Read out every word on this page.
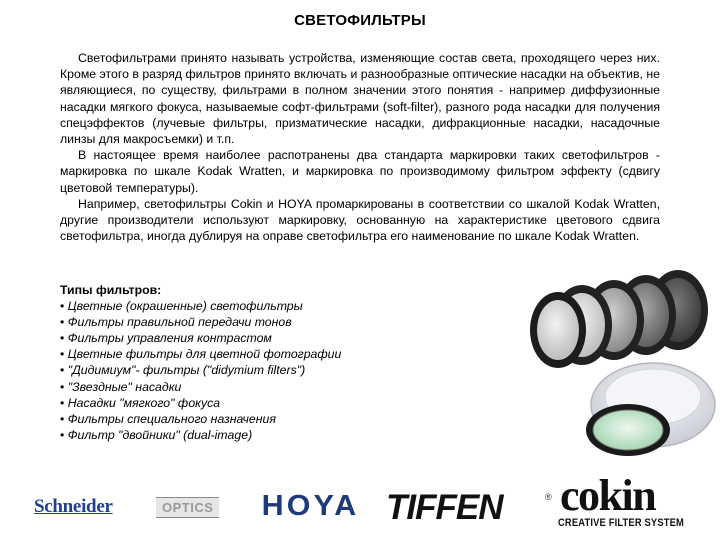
СВЕТОФИЛЬТРЫ

Светофильтрами принято называть устройства, изменяющие состав света, проходящего через них. Кроме этого в разряд фильтров принято включать и разнообразные оптические насадки на объектив, не являющиеся, по существу, фильтрами в полном значении этого понятия - например диффузионные насадки мягкого фокуса, называемые софт-фильтрами (soft-filter), разного рода насадки для получения спецэффектов (лучевые фильтры, призматические насадки, дифракционные насадки, насадочные линзы для макросъемки) и т.п.

В настоящее время наиболее распотранены два стандарта маркировки таких светофильтров - маркировка по шкале Kodak Wratten, и маркировка по производимому фильтром эффекту (сдвигу цветовой температуры).

Например, светофильтры Cokin и HOYA промаркированы в соответствии со шкалой Kodak Wratten, другие производители используют маркировку, основанную на характеристике цветового сдвига светофильтра, иногда дублируя на оправе светофильтра его наименование по шкале Kodak Wratten.

Типы фильтров:
• Цветные (окрашенные) светофильтры
• Фильтры правильной передачи тонов
• Фильтры управления контрастом
• Цветные фильтры для цветной фотографии
• "Дидимиум"- фильтры ("didymium filters")
• "Звездные" насадки
• Насадки "мягкого" фокуса
• Фильтры специального назначения
• Фильтр "двойники" (dual-image)
Schneider	OPTICS HOYA TIFFEN	® cokin
CREATIVE FILTER SYSTEM
